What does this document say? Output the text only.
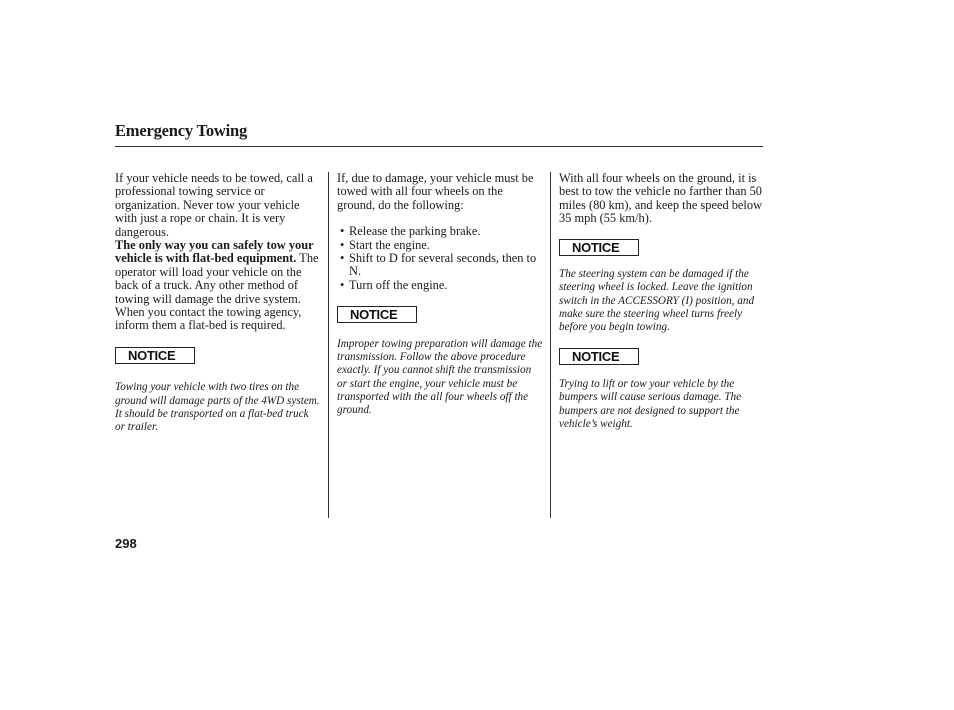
Emergency Towing

If your vehicle needs to be towed, call a professional towing service or organization. Never tow your vehicle with just a rope or chain. It is very dangerous.

The only way you can safely tow your vehicle is with flat-bed equipment. The operator will load your vehicle on the back of a truck. Any other method of towing will damage the drive system. When you contact the towing agency, inform them a flat-bed is required.

NOTICE

Towing your vehicle with two tires on the ground will damage parts of the 4WD system. It should be transported on a flat-bed truck or trailer.

If, due to damage, your vehicle must be towed with all four wheels on the ground, do the following:

• Release the parking brake.
• Start the engine.
• Shift to D for several seconds, then to N.
• Turn off the engine.
NOTICE

Improper towing preparation will damage the transmission. Follow the above procedure exactly. If you cannot shift the transmission or start the engine, your vehicle must be transported with the all four wheels off the ground.

With all four wheels on the ground, it is best to tow the vehicle no farther than 50 miles (80 km), and keep the speed below 35 mph (55 km/h).

NOTICE

The steering system can be damaged if the steering wheel is locked. Leave the ignition switch in the ACCESSORY (I) position, and make sure the steering wheel turns freely before you begin towing.

NOTICE

Trying to lift or tow your vehicle by the bumpers will cause serious damage. The bumpers are not designed to support the vehicle’s weight.

298
